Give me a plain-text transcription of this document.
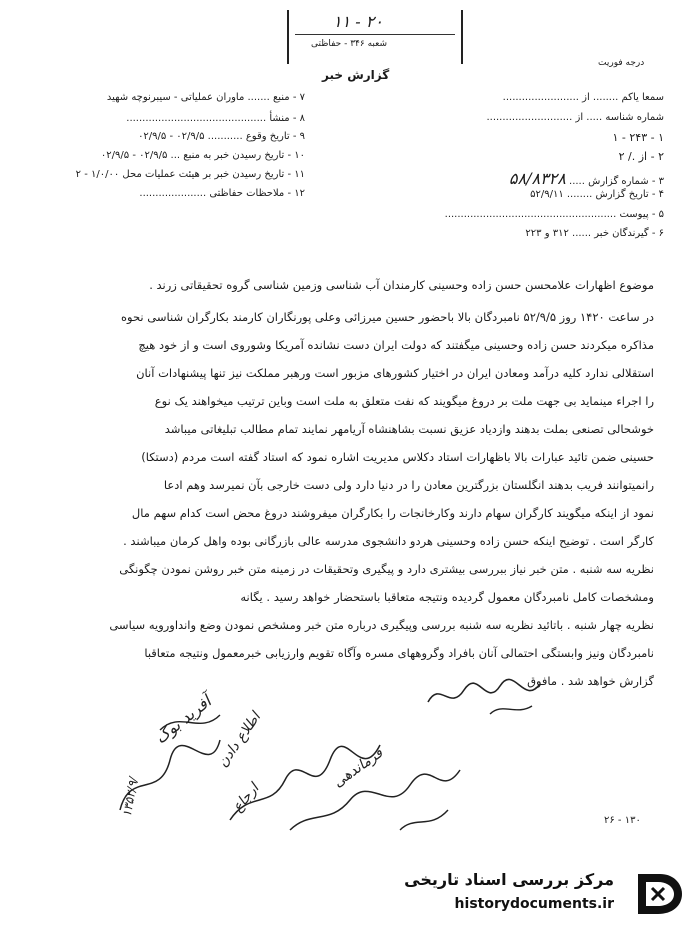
۱۱ - ۲۰
شعبه ۳۴۶ - حفاظتی
گزارش خبر
درجه فوریت
۷ - منبع ....... ماوران عملیاتی - سیبرنوچه شهید
۸ - منشأ ............................................
۹ - تاریخ وقوع ........... ۰۲/۹/۵ - ۰۲/۹/۵
۱۰ - تاریخ رسیدن خبر به منبع ... ۰۲/۹/۵ - ۰۲/۹/۵
۱۱ - تاریخ رسیدن خبر بر هیئت عملیات محل ۱/۰/۰۰ - ۲
۱۲ - ملاحظات حفاظتی .....................
سمعا یاکم ........ از ........................
شماره شناسه ..... از ...........................
۱ - ۲۴۳ - ۱
۲ - از ./ ۲
۳ - شماره گزارش ..... ۵۸/۸۳۲۸
۴ - تاریخ گزارش ........ ۵۲/۹/۱۱
۵ - پیوست ......................................................
۶ - گیرندگان خبر ...... ۳۱۲ و ۲۲۳
موضوع اظهارات علامحسن حسن زاده وحسینی کارمندان آب شناسی وزمین شناسی گروه تحقیقاتی زرند .
در ساعت ۱۴۲۰ روز ۵۲/۹/۵ نامبردگان بالا باحضور حسین میرزائی وعلی پورنگاران کارمند بکارگران شناسی نحوه
مذاکره میکردند حسن زاده وحسینی میگفتند که دولت ایران دست نشانده آمریکا وشوروی است و از خود هیچ
استقلالی ندارد کلیه درآمد ومعادن ایران در اختیار کشورهای مزبور است ورهبر مملکت نیز تنها پیشنهادات آنان
را اجراء مینماید بی جهت ملت بر دروغ میگویند که نفت متعلق به ملت است وباین ترتیب میخواهند یک نوع
خوشحالی تصنعی بملت بدهند وازدیاد عزیق نسبت بشاهنشاه آریامهر نمایند تمام مطالب تبلیغاتی میباشد
حسینی ضمن تائید عبارات بالا باظهارات استاد دکلاس مدیریت اشاره نمود که استاد گفته است مردم (دستکا)
رانمیتوانند فریب بدهند انگلستان بزرگترین معادن را در دنیا دارد ولی دست خارجی بآن نمیرسد وهم ادعا
نمود از اینکه میگویند کارگران سهام دارند وکارخانجات را بکارگران میفروشند دروغ محض است کدام سهم مال
کارگر است . توضیح اینکه حسن زاده وحسینی هردو دانشجوی مدرسه عالی بازرگانی بوده واهل کرمان میباشند .
نظریه سه شنبه . متن خبر نیاز ببررسی بیشتری دارد و پیگیری وتحقیقات در زمینه متن خبر روشن نمودن چگونگی
ومشخصات کامل نامبردگان معمول گردیده ونتیجه متعاقبا باستحضار خواهد رسید . یگانه
نظریه چهار شنبه . باتائید نظریه سه شنبه بررسی وپیگیری درباره متن خبر ومشخص نمودن وضع وانداورویه سیاسی
نامبردگان ونیز وابستگی احتمالی آنان بافراد وگروههای مسره وآگاه تقویم وارزیابی خبرمعمول ونتیجه متعاقبا
گزارش خواهد شد . مافوق
آفرید بوک اطلاع دادن	فرماندهی
ارجاع
۱۳۵۲/۹/
۲۶ - ۱۳۰
مرکز بررسی اسناد تاریخی
historydocuments.ir
